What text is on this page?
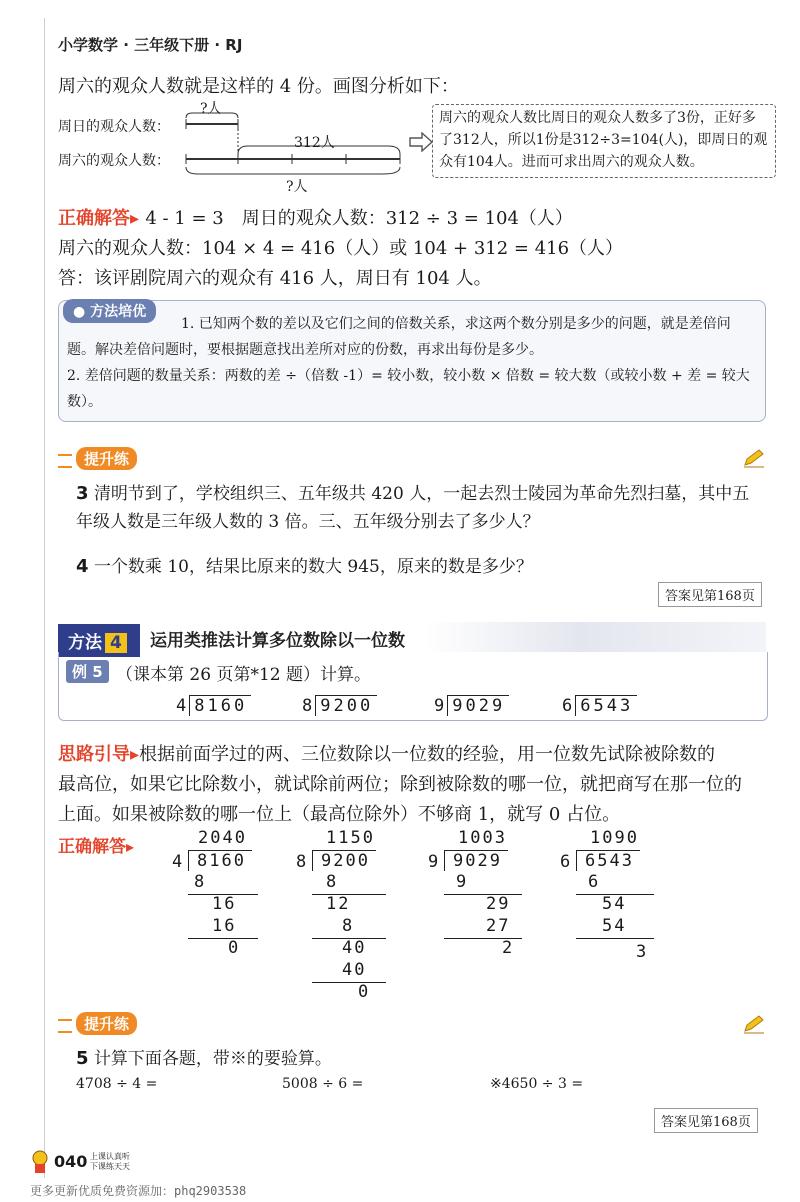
小学数学 · 三年级下册 · RJ
周六的观众人数就是这样的 4 份。画图分析如下：
周日的观众人数：
周六的观众人数：
?人
312人
?人
周六的观众人数比周日的观众人数多了3份，正好多了312人，所以1份是312÷3=104(人)，即周日的观众有104人。进而可求出周六的观众人数。
正确解答▸ 4 - 1 = 3　周日的观众人数：312 ÷ 3 = 104（人）
周六的观众人数：104 × 4 = 416（人）或 104 + 312 = 416（人）
答：该评剧院周六的观众有 416 人，周日有 104 人。
● 方法培优
1. 已知两个数的差以及它们之间的倍数关系，求这两个数分别是多少的问题，就是差倍问题。解决差倍问题时，要根据题意找出差所对应的份数，再求出每份是多少。
2. 差倍问题的数量关系：两数的差 ÷（倍数 -1）= 较小数，较小数 × 倍数 = 较大数（或较小数 + 差 = 较大数）。
提升练
3 清明节到了，学校组织三、五年级共 420 人，一起去烈士陵园为革命先烈扫墓，其中五年级人数是三年级人数的 3 倍。三、五年级分别去了多少人？
4 一个数乘 10，结果比原来的数大 945，原来的数是多少？
答案见第168页
方法 4	运用类推法计算多位数除以一位数
例 5 （课本第 26 页第*12 题）计算。
4 8160	8 9200	9 9029	6 6543
思路引导▸根据前面学过的两、三位数除以一位数的经验，用一位数先试除被除数的
最高位，如果它比除数小，就试除前两位；除到被除数的哪一位，就把商写在那一位的
上面。如果被除数的哪一位上（最高位除外）不够商 1，就写 0 占位。
正确解答▸	2040
4 8160
8
16
16
0
1150
8 9200
8
12
8
40
40
0
1003
9 9029
9
29
27
2
1090
6 6543
6
54
54
3
提升练
5 计算下面各题，带※的要验算。
4708 ÷ 4 =	5008 ÷ 6 =	※4650 ÷ 3 =
答案见第168页
040 上课认真听
下课练天天
更多更新优质免费资源加：phq2903538
